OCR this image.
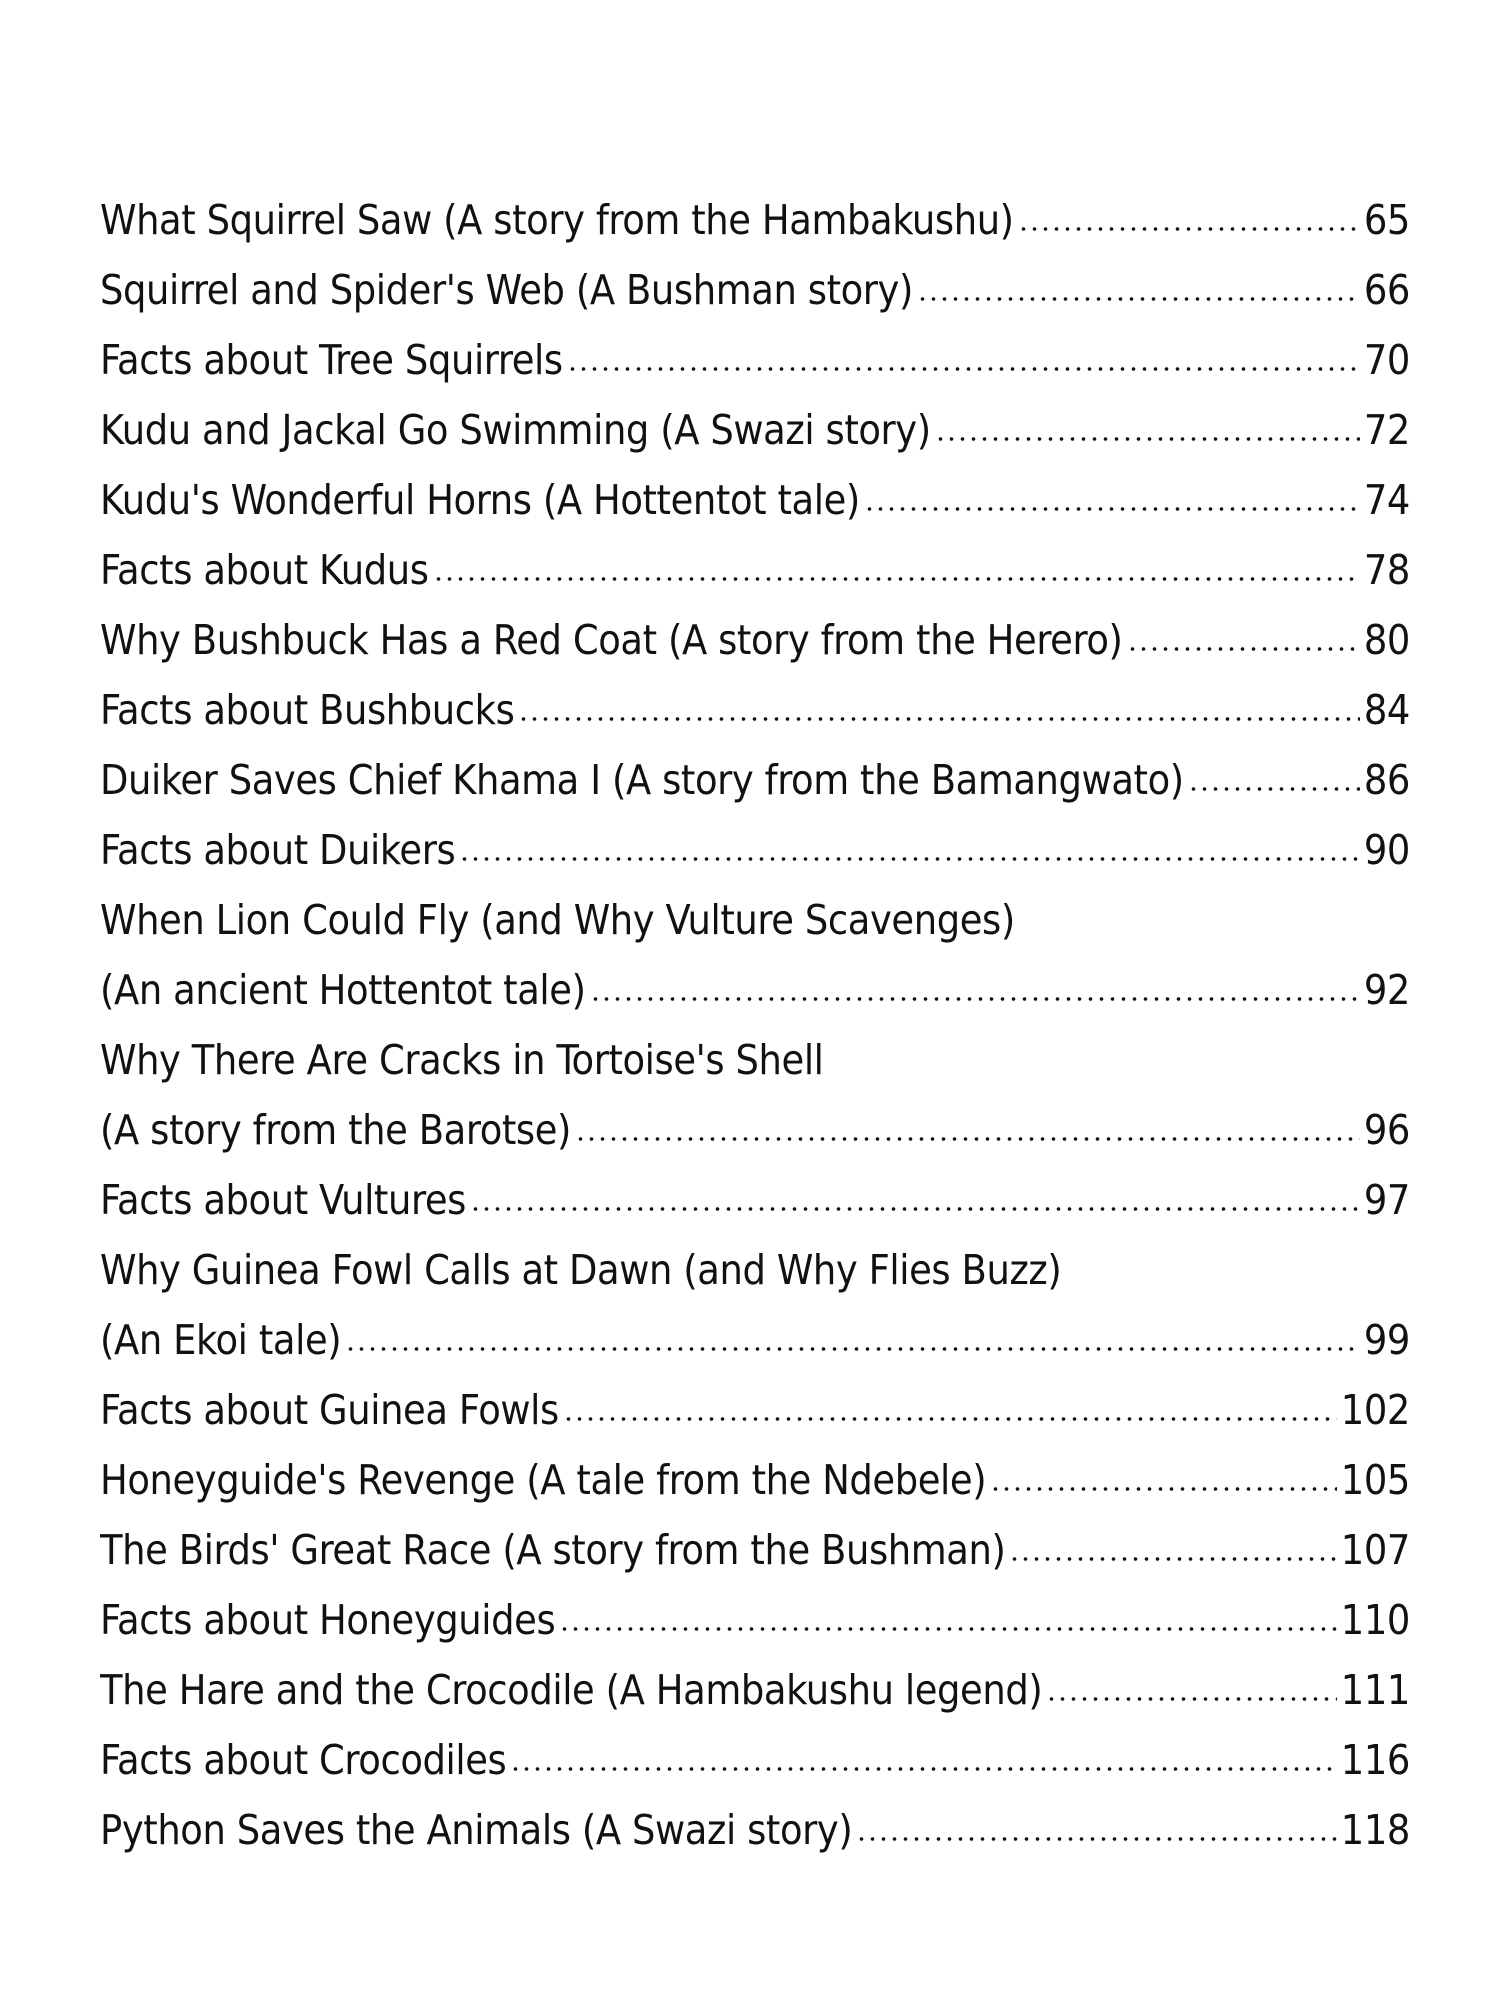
What Squirrel Saw (A story from the Hambakushu)	65
Squirrel and Spider's Web (A Bushman story)	66
Facts about Tree Squirrels	70
Kudu and Jackal Go Swimming (A Swazi story)	72
Kudu's Wonderful Horns (A Hottentot tale)	74
Facts about Kudus	78
Why Bushbuck Has a Red Coat (A story from the Herero)	80
Facts about Bushbucks	84
Duiker Saves Chief Khama I (A story from the Bamangwato)	86
Facts about Duikers	90
When Lion Could Fly (and Why Vulture Scavenges)
(An ancient Hottentot tale)	92
Why There Are Cracks in Tortoise's Shell
(A story from the Barotse)	96
Facts about Vultures	97
Why Guinea Fowl Calls at Dawn (and Why Flies Buzz)
(An Ekoi tale)	99
Facts about Guinea Fowls	102
Honeyguide's Revenge (A tale from the Ndebele)	105
The Birds' Great Race (A story from the Bushman)	107
Facts about Honeyguides	110
The Hare and the Crocodile (A Hambakushu legend)	111
Facts about Crocodiles	116
Python Saves the Animals (A Swazi story)	118
